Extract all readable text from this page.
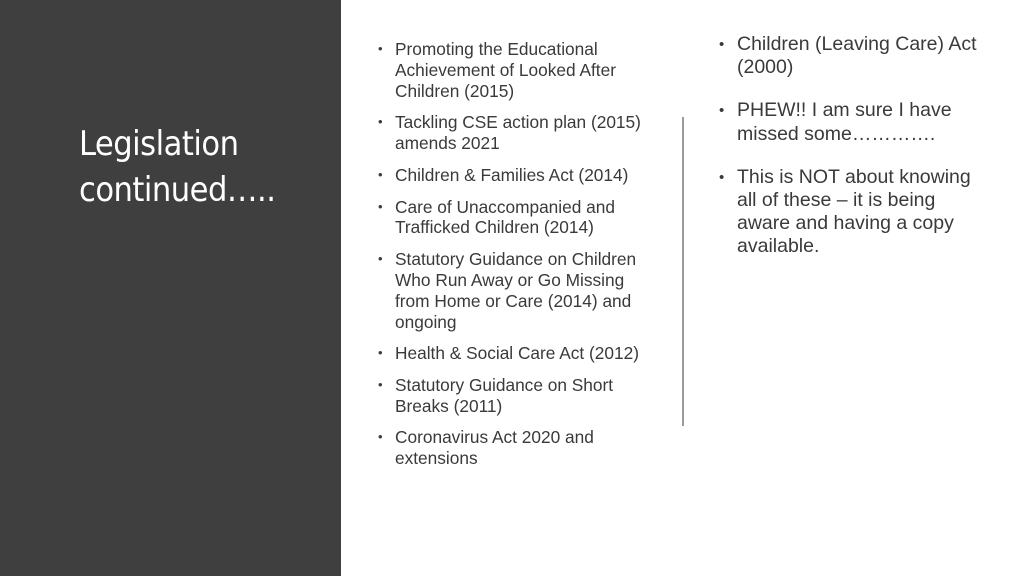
Legislation
continued…..
• Promoting the Educational Achievement of Looked After Children (2015)
• Tackling CSE action plan (2015) amends 2021
• Children & Families Act (2014)
• Care of Unaccompanied and Trafficked Children (2014)
• Statutory Guidance on Children Who Run Away or Go Missing from Home or Care (2014) and ongoing
• Health & Social Care Act (2012)
• Statutory Guidance on Short Breaks (2011)
• Coronavirus Act 2020 and extensions
• Children (Leaving Care) Act (2000)
• PHEW!! I am sure I have missed some………….
• This is NOT about knowing all of these – it is being aware and having a copy available.
